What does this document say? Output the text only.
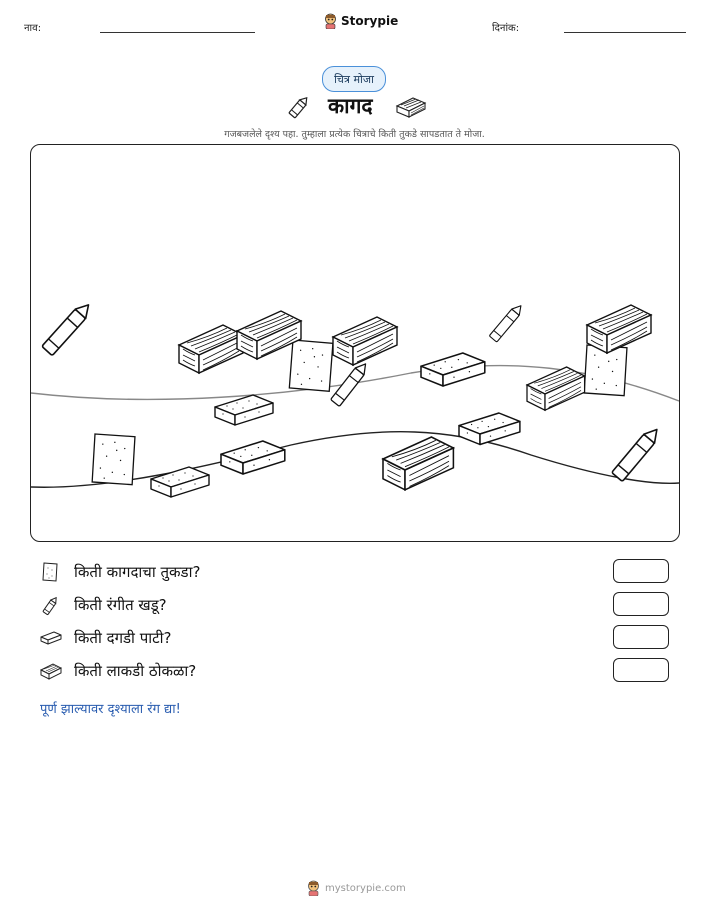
नाव:
Storypie
दिनांक:
चित्र मोजा
कागद
गजबजलेले दृश्य पहा. तुम्हाला प्रत्येक चित्राचे किती तुकडे सापडतात ते मोजा.
किती कागदाचा तुकडा?
किती रंगीत खडू?
किती दगडी पाटी?
किती लाकडी ठोकळा?
पूर्ण झाल्यावर दृश्याला रंग द्या!
mystorypie.com
